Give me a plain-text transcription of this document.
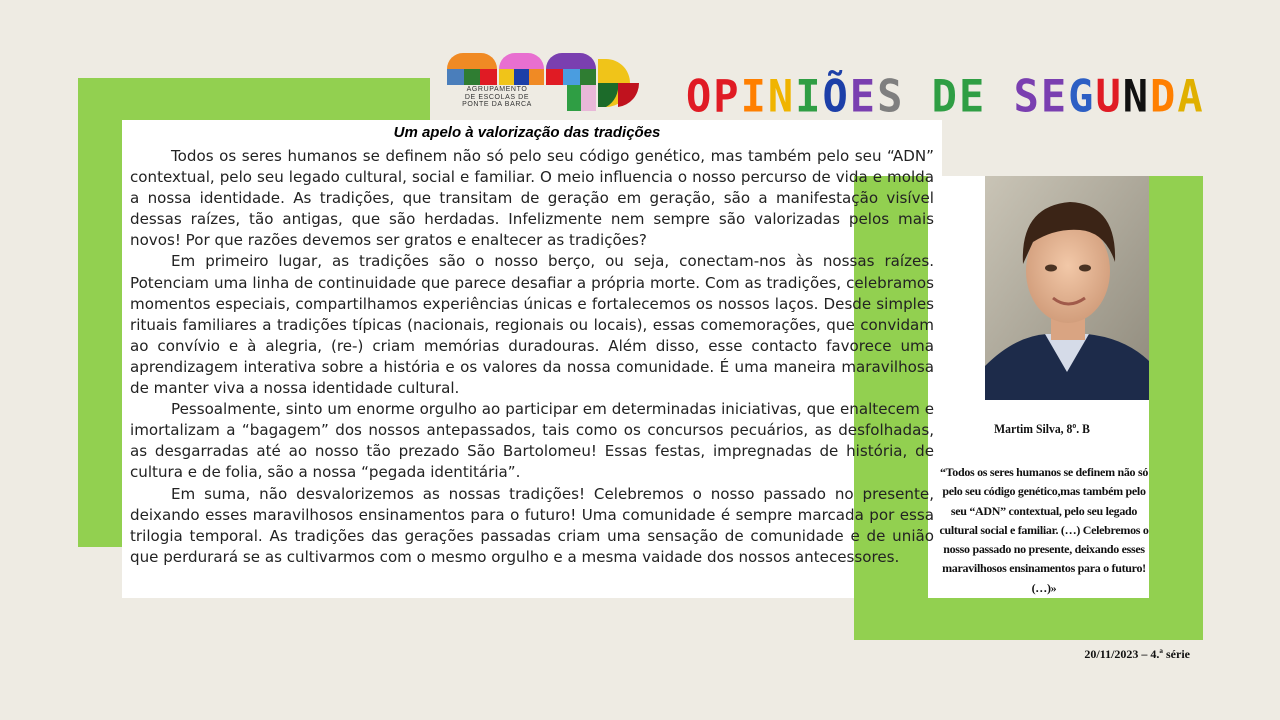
AGRUPAMENTO
DE ESCOLAS DE
PONTE DA BARCA	OPINIÕES DE SEGUNDA
Um apelo à valorização das tradições

Todos os seres humanos se definem não só pelo seu código genético, mas também pelo seu “ADN” contextual, pelo seu legado cultural, social e familiar. O meio influencia o nosso percurso de vida e molda a nossa identidade. As tradições, que transitam de geração em geração, são a manifestação visível dessas raízes, tão antigas, que são herdadas. Infelizmente nem sempre são valorizadas pelos mais novos! Por que razões devemos ser gratos e enaltecer as tradições?

Em primeiro lugar, as tradições são o nosso berço, ou seja, conectam-nos às nossas raízes. Potenciam uma linha de continuidade que parece desafiar a própria morte. Com as tradições, celebramos momentos especiais, compartilhamos experiências únicas e fortalecemos os nossos laços. Desde simples rituais familiares a tradições típicas (nacionais, regionais ou locais), essas comemorações, que convidam ao convívio e à alegria, (re-) criam memórias duradouras. Além disso, esse contacto favorece uma aprendizagem interativa sobre a história e os valores da nossa comunidade. É uma maneira maravilhosa de manter viva a nossa identidade cultural.

Pessoalmente, sinto um enorme orgulho ao participar em determinadas iniciativas, que enaltecem e imortalizam a “bagagem” dos nossos antepassados, tais como os concursos pecuários, as desfolhadas, as desgarradas até ao nosso tão prezado São Bartolomeu! Essas festas, impregnadas de história, de cultura e de folia, são a nossa “pegada identitária”.

Em suma, não desvalorizemos as nossas tradições! Celebremos o nosso passado no presente, deixando esses maravilhosos ensinamentos para o futuro! Uma comunidade é sempre marcada por essa trilogia temporal. As tradições das gerações passadas criam uma sensação de comunidade e de união que perdurará se as cultivarmos com o mesmo orgulho e a mesma vaidade dos nossos antecessores.

Martim Silva, 8º. B
“Todos os seres humanos se definem não só pelo seu código genético,mas também pelo seu “ADN” contextual, pelo seu legado cultural social e familiar. (…) Celebremos o nosso passado no presente, deixando esses maravilhosos ensinamentos para o futuro! (…)»
20/11/2023 – 4.ª série
